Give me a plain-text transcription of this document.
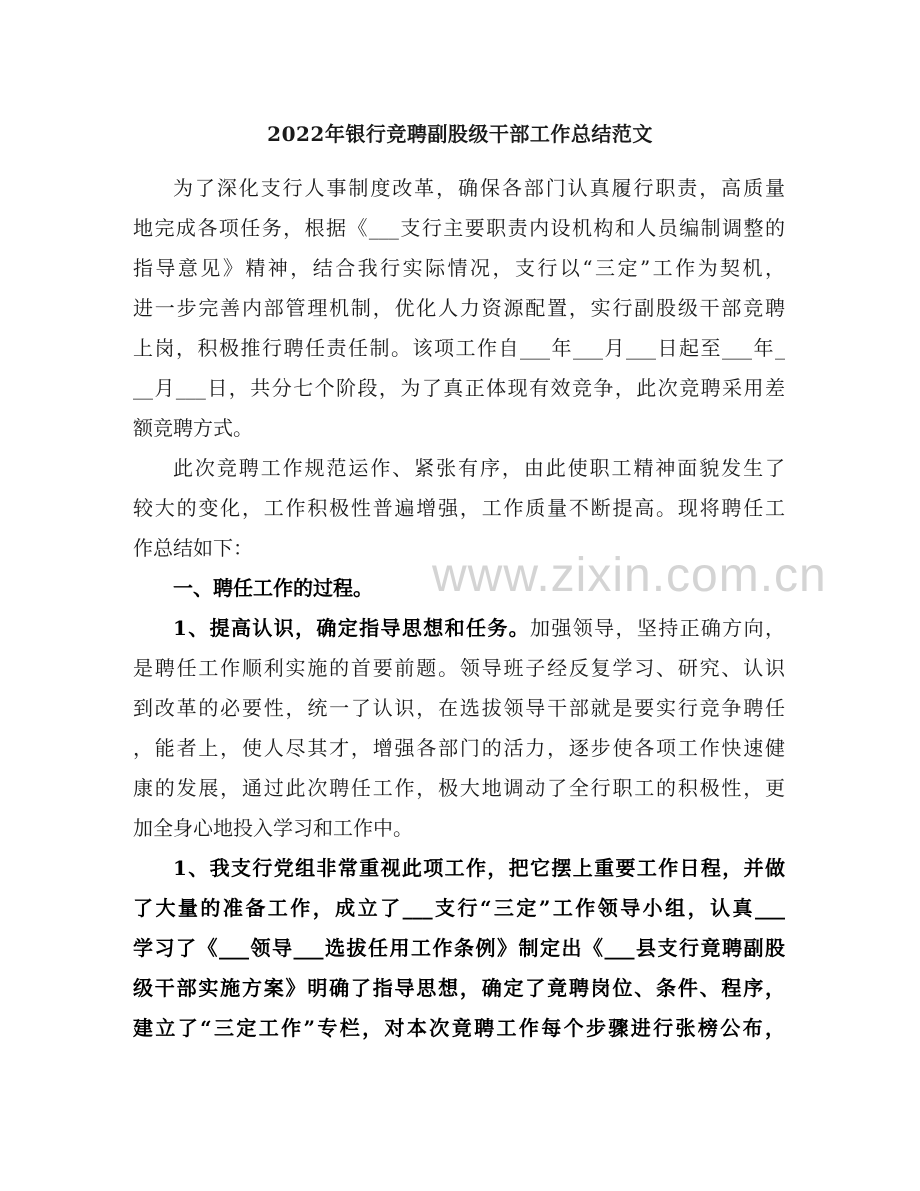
2022年银行竞聘副股级干部工作总结范文
www.zixin.com.cn
为了深化支行人事制度改革，确保各部门认真履行职责，高质量
地完成各项任务，根据《___支行主要职责内设机构和人员编制调整的
指导意见》精神，结合我行实际情况，支行以“三定”工作为契机，
进一步完善内部管理机制，优化人力资源配置，实行副股级干部竞聘
上岗，积极推行聘任责任制。该项工作自___年___月___日起至___年_
__月___日，共分七个阶段，为了真正体现有效竞争，此次竞聘采用差
额竞聘方式。
此次竞聘工作规范运作、紧张有序，由此使职工精神面貌发生了
较大的变化，工作积极性普遍增强，工作质量不断提高。现将聘任工
作总结如下：
一、聘任工作的过程。
1、提高认识，确定指导思想和任务。加强领导，坚持正确方向，
是聘任工作顺利实施的首要前题。领导班子经反复学习、研究、认识
到改革的必要性，统一了认识，在选拔领导干部就是要实行竞争聘任
，能者上，使人尽其才，增强各部门的活力，逐步使各项工作快速健
康的发展，通过此次聘任工作，极大地调动了全行职工的积极性，更
加全身心地投入学习和工作中。
1、我支行党组非常重视此项工作，把它摆上重要工作日程，并做
了大量的准备工作，成立了___支行“三定”工作领导小组，认真___
学习了《___领导___选拔任用工作条例》制定出《___县支行竟聘副股
级干部实施方案》明确了指导思想，确定了竟聘岗位、条件、程序，
建立了“三定工作”专栏，对本次竟聘工作每个步骤进行张榜公布，
